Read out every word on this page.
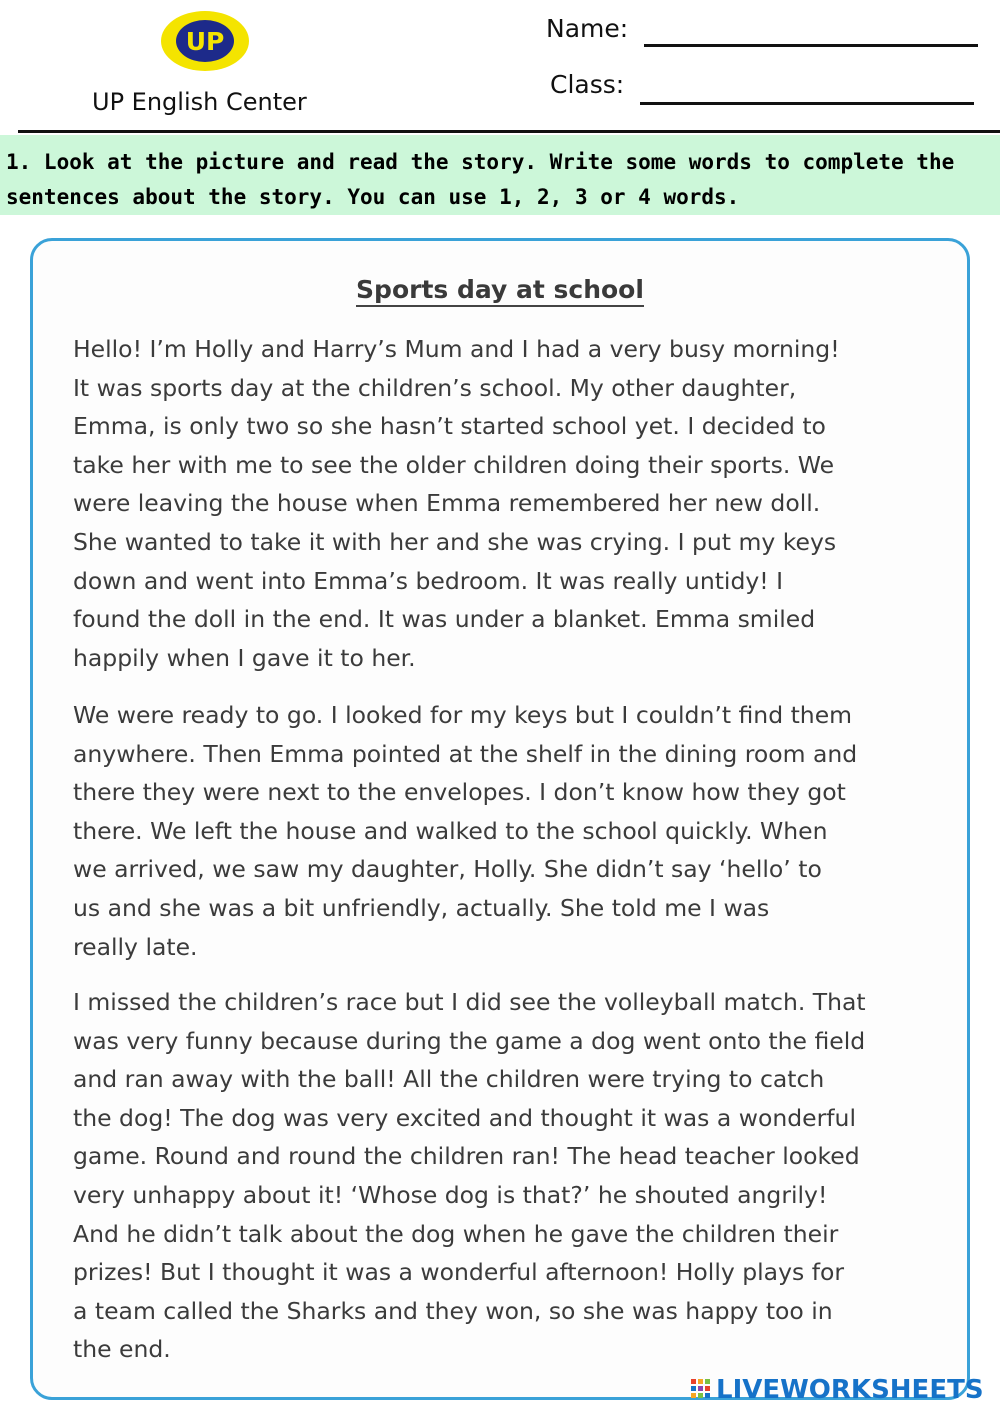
UP
UP English Center
Name:
Class:
1. Look at the picture and read the story. Write some words to complete the
sentences about the story. You can use 1, 2, 3 or 4 words.
Sports day at school
Hello! I’m Holly and Harry’s Mum and I had a very busy morning!
It was sports day at the children’s school. My other daughter,
Emma, is only two so she hasn’t started school yet. I decided to
take her with me to see the older children doing their sports. We
were leaving the house when Emma remembered her new doll.
She wanted to take it with her and she was crying. I put my keys
down and went into Emma’s bedroom. It was really untidy! I
found the doll in the end. It was under a blanket. Emma smiled
happily when I gave it to her.
We were ready to go. I looked for my keys but I couldn’t find them
anywhere. Then Emma pointed at the shelf in the dining room and
there they were next to the envelopes. I don’t know how they got
there. We left the house and walked to the school quickly. When
we arrived, we saw my daughter, Holly. She didn’t say ‘hello’ to
us and she was a bit unfriendly, actually. She told me I was
really late.
I missed the children’s race but I did see the volleyball match. That
was very funny because during the game a dog went onto the field
and ran away with the ball! All the children were trying to catch
the dog! The dog was very excited and thought it was a wonderful
game. Round and round the children ran! The head teacher looked
very unhappy about it! ‘Whose dog is that?’ he shouted angrily!
And he didn’t talk about the dog when he gave the children their
prizes! But I thought it was a wonderful afternoon! Holly plays for
a team called the Sharks and they won, so she was happy too in
the end.
LIVEWORKSHEETS
